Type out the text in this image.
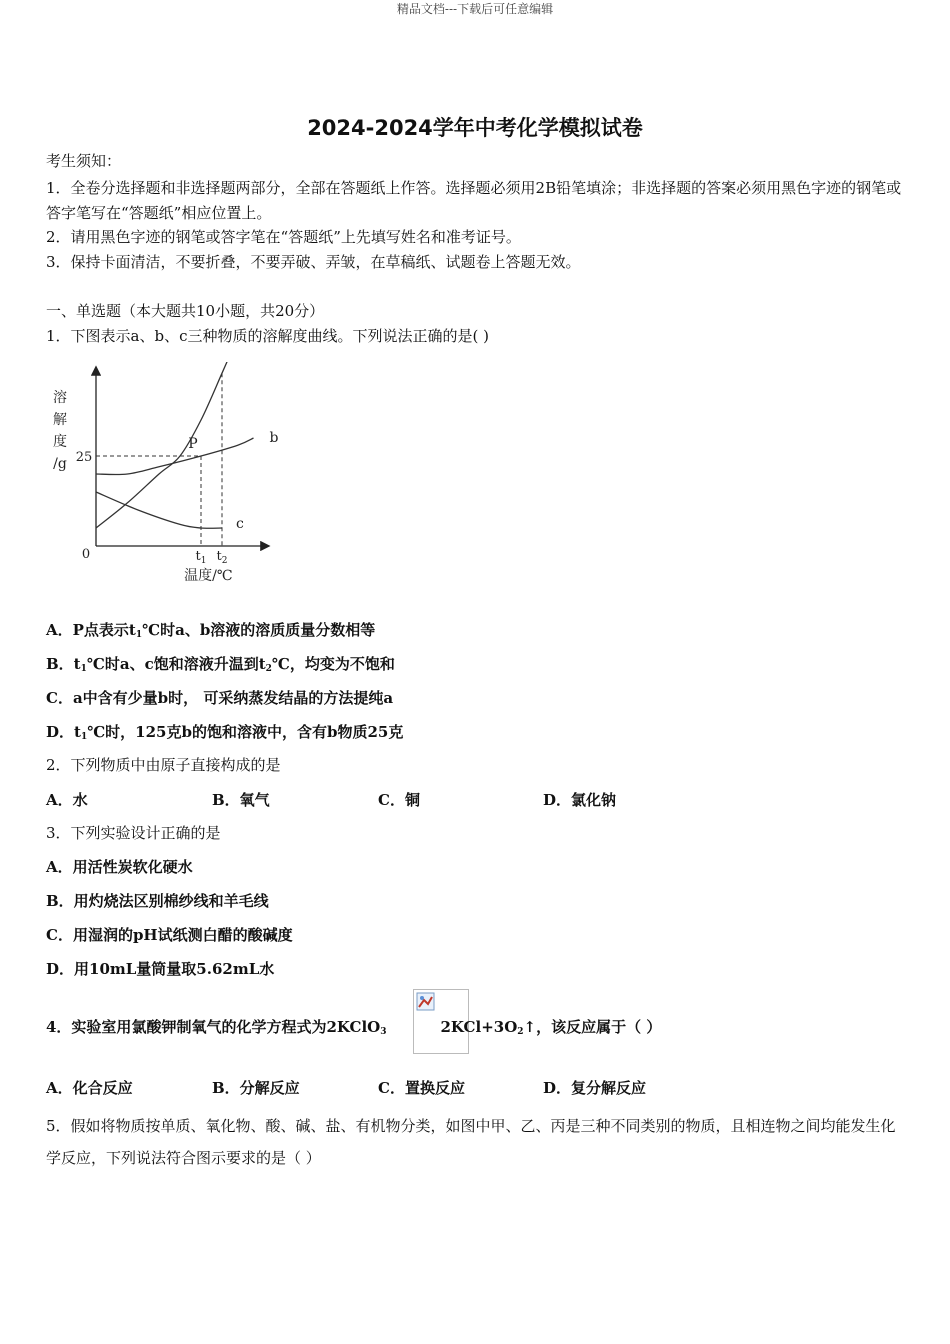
精品文档---下载后可任意编辑
2024-2024学年中考化学模拟试卷
考生须知：
1．全卷分选择题和非选择题两部分，全部在答题纸上作答。选择题必须用2B铅笔填涂；非选择题的答案必须用黑色字迹的钢笔或答字笔写在“答题纸”相应位置上。
2．请用黑色字迹的钢笔或答字笔在“答题纸”上先填写姓名和准考证号。
3．保持卡面清洁，不要折叠，不要弄破、弄皱，在草稿纸、试题卷上答题无效。
一、单选题（本大题共10小题，共20分）
1．下图表示a、b、c三种物质的溶解度曲线。下列说法正确的是( )
b
c
溶
解
度
/g 25
0	$t_1$ $t_2$
温度/℃
P
A．P点表示$t_1℃$时a、b溶液的溶质质量分数相等
B．$t_1℃$时a、c饱和溶液升温到$t_2℃$，均变为不饱和
C．a中含有少量b时， 可采纳蒸发结晶的方法提纯a
D．$t_1℃$时，125克b的饱和溶液中，含有b物质25克
2．下列物质中由原子直接构成的是
A．水	B．氧气	C．铜	D．氯化钠
3．下列实验设计正确的是
A．用活性炭软化硬水
B．用灼烧法区别棉纱线和羊毛线
C．用湿润的pH试纸测白醋的酸碱度
D．用10mL量筒量取5.62mL水
4．实验室用氯酸钾制氧气的化学方程式为2KClO$_3$	$2KCl+3O_2↑$，该反应属于（ ）
A．化合反应	B．分解反应	C．置换反应	D．复分解反应
5．假如将物质按单质、氧化物、酸、碱、盐、有机物分类，如图中甲、乙、丙是三种不同类别的物质，且相连物之间均能发生化学反应，下列说法符合图示要求的是（ ）
